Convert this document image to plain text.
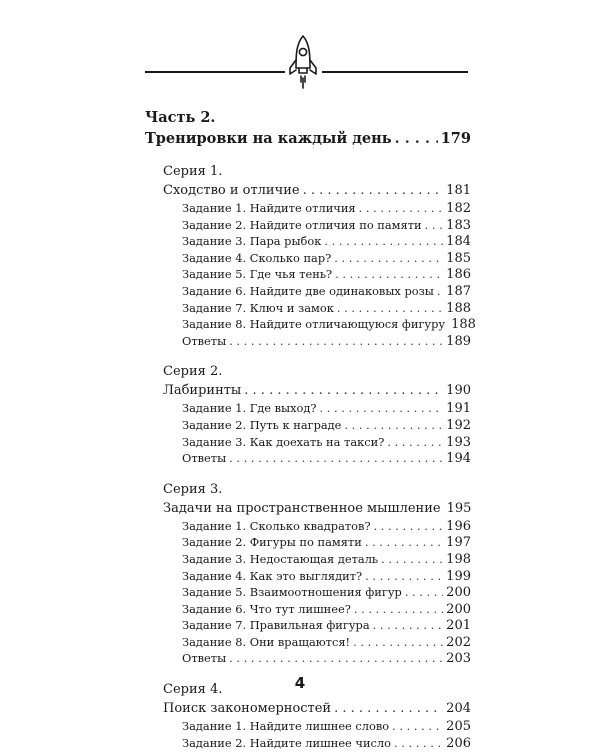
Часть 2.
Тренировки на каждый день . . .	179
Серия 1.
Сходство и отличие . . .	181
Задание 1. Найдите отличия . . .	182
Задание 2. Найдите отличия по памяти . . . 183
Задание 3. Пара рыбок . . .	184
Задание 4. Сколько пар? . . .	185
Задание 5. Где чья тень? . . .	186
Задание 6. Найдите две одинаковых розы . . . 187
Задание 7. Ключ и замок . . .	188
Задание 8. Найдите отличающуюся фигуру 188
Ответы . . .	189
Серия 2.
Лабиринты . . .	190
Задание 1. Где выход? . . .	191
Задание 2. Путь к награде . . .	192
Задание 3. Как доехать на такси? . . .	193
Ответы . . .	194
Серия 3.
Задачи на пространственное мышление 195
Задание 1. Сколько квадратов? . . .	196
Задание 2. Фигуры по памяти . . .	197
Задание 3. Недостающая деталь . . .	198
Задание 4. Как это выглядит? . . .	199
Задание 5. Взаимоотношения фигур . . .	200
Задание 6. Что тут лишнее? . . .	200
Задание 7. Правильная фигура . . .	201
Задание 8. Они вращаются! . . .	202
Ответы . . .	203
Серия 4.
Поиск закономерностей . . .	204
Задание 1. Найдите лишнее слово . . .	205
Задание 2. Найдите лишнее число . . .	206
4
